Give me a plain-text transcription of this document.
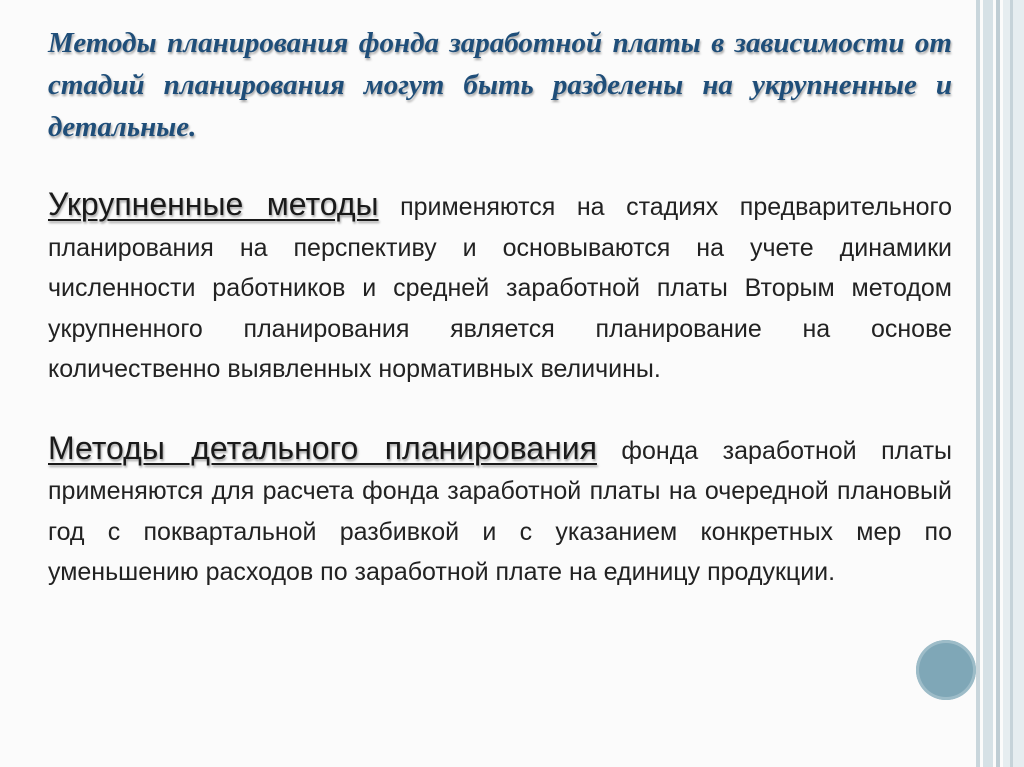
Методы планирования фонда заработной платы в зависимости от стадий планирования могут быть разделены на укрупненные и детальные.

Укрупненные методы применяются на стадиях предварительного планирования на перспективу и основываются на учете динамики численности работников и средней заработной платы Вторым методом укрупненного планирования является планирование на основе количественно выявленных нормативных величины.

Методы детального планирования фонда заработной платы применяются для расчета фонда заработной платы на очередной плановый год с поквартальной разбивкой и с указанием конкретных мер по уменьшению расходов по заработной плате на единицу продукции.
